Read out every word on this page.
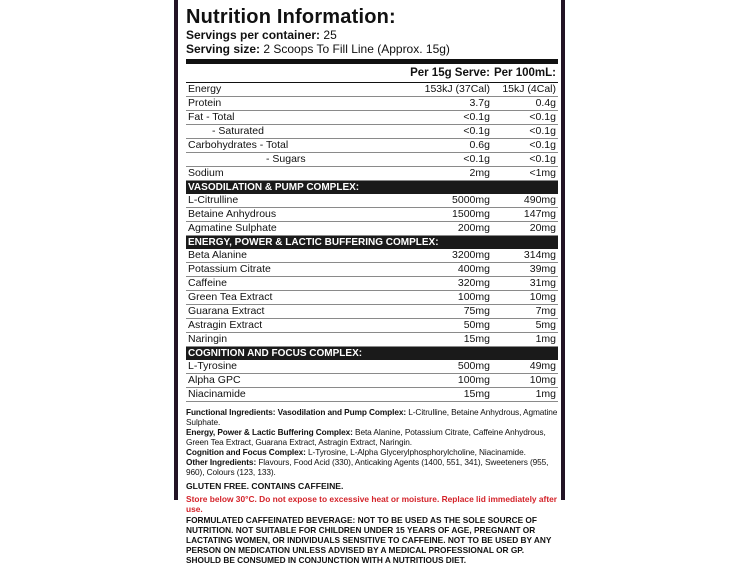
Nutrition Information:
Servings per container: 25
Serving size: 2 Scoops To Fill Line (Approx. 15g)
	Per 15g Serve:	Per 100mL:
Energy	153kJ (37Cal)	15kJ (4Cal)
Protein	3.7g	0.4g
Fat - Total	<0.1g	<0.1g
- Saturated	<0.1g	<0.1g
Carbohydrates - Total	0.6g	<0.1g
- Sugars	<0.1g	<0.1g
Sodium	2mg	<1mg
VASODILATION & PUMP COMPLEX:		
L-Citrulline	5000mg	490mg
Betaine Anhydrous	1500mg	147mg
Agmatine Sulphate	200mg	20mg
ENERGY, POWER & LACTIC BUFFERING COMPLEX:		
Beta Alanine	3200mg	314mg
Potassium Citrate	400mg	39mg
Caffeine	320mg	31mg
Green Tea Extract	100mg	10mg
Guarana Extract	75mg	7mg
Astragin Extract	50mg	5mg
Naringin	15mg	1mg
COGNITION AND FOCUS COMPLEX:		
L-Tyrosine	500mg	49mg
Alpha GPC	100mg	10mg
Niacinamide	15mg	1mg
Functional Ingredients: Vasodilation and Pump Complex: L-Citrulline, Betaine Anhydrous, Agmatine Sulphate.
Energy, Power & Lactic Buffering Complex: Beta Alanine, Potassium Citrate, Caffeine Anhydrous, Green Tea Extract, Guarana Extract, Astragin Extract, Naringin.
Cognition and Focus Complex: L-Tyrosine, L-Alpha Glycerylphosphorylcholine, Niacinamide.
Other Ingredients: Flavours, Food Acid (330), Anticaking Agents (1400, 551, 341), Sweeteners (955, 960), Colours (123, 133).
GLUTEN FREE. CONTAINS CAFFEINE.
Store below 30°C. Do not expose to excessive heat or moisture. Replace lid immediately after use.
FORMULATED CAFFEINATED BEVERAGE: NOT TO BE USED AS THE SOLE SOURCE OF NUTRITION. NOT SUITABLE FOR CHILDREN UNDER 15 YEARS OF AGE, PREGNANT OR LACTATING WOMEN, OR INDIVIDUALS SENSITIVE TO CAFFEINE. NOT TO BE USED BY ANY PERSON ON MEDICATION UNLESS ADVISED BY A MEDICAL PROFESSIONAL OR GP. SHOULD BE CONSUMED IN CONJUNCTION WITH A NUTRITIOUS DIET.
